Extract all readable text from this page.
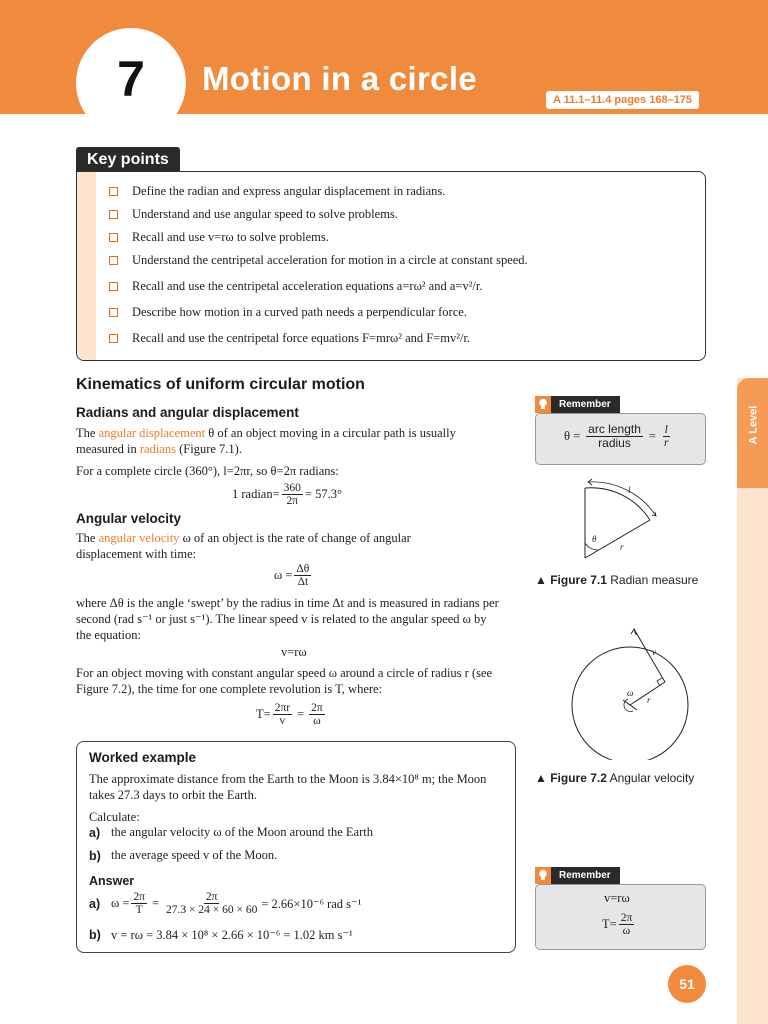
7 Motion in a circle
A 11.1–11.4 pages 168–175
A Level
Key points
Define the radian and express angular displacement in radians.
Understand and use angular speed to solve problems.
Recall and use v=rω to solve problems.
Understand the centripetal acceleration for motion in a circle at constant speed.
Recall and use the centripetal acceleration equations a=rω² and a=v²/r.
Describe how motion in a curved path needs a perpendicular force.
Recall and use the centripetal force equations F=mrω² and F=mv²/r.
Kinematics of uniform circular motion
Radians and angular displacement
The angular displacement θ of an object moving in a circular path is usually measured in radians (Figure 7.1).
For a complete circle (360°), l=2πr, so θ=2π radians:
1 radian= $\frac{360}{2\pi} = 57.3^\circ$
Angular velocity
The angular velocity ω of an object is the rate of change of angular displacement with time:
$\omega = \frac{\Delta\theta}{\Delta t}$
where Δθ is the angle ‘swept’ by the radius in time Δt and is measured in radians per second (rad s⁻¹ or just s⁻¹). The linear speed v is related to the angular speed ω by the equation:
v=rω
For an object moving with constant angular speed ω around a circle of radius r (see Figure 7.2), the time for one complete revolution is T, where:
$T= \frac{2\pi r}{v} = \frac{2\pi}{\omega}$
Remember
$\theta = \frac{\text{arc length}}{\text{radius}} = \frac{l}{r}$
l
θ
r
▲ Figure 7.1 Radian measure
v
ω
r
▲ Figure 7.2 Angular velocity
Worked example
The approximate distance from the Earth to the Moon is 3.84×10⁸ m; the Moon takes 27.3 days to orbit the Earth.
Calculate:
a) the angular velocity ω of the Moon around the Earth
b) the average speed v of the Moon.
Answer
a) $\omega = \frac{2\pi}{T} = \frac{2\pi}{27.3 \times 24 \times 60 \times 60} = 2.66\times 10^{-6}$ rad s⁻¹
b) v = rω = 3.84 × 10⁸ × 2.66 × 10⁻⁶ = 1.02 km s⁻¹
Remember
v=rω
$T= \frac{2\pi}{\omega}$
51
